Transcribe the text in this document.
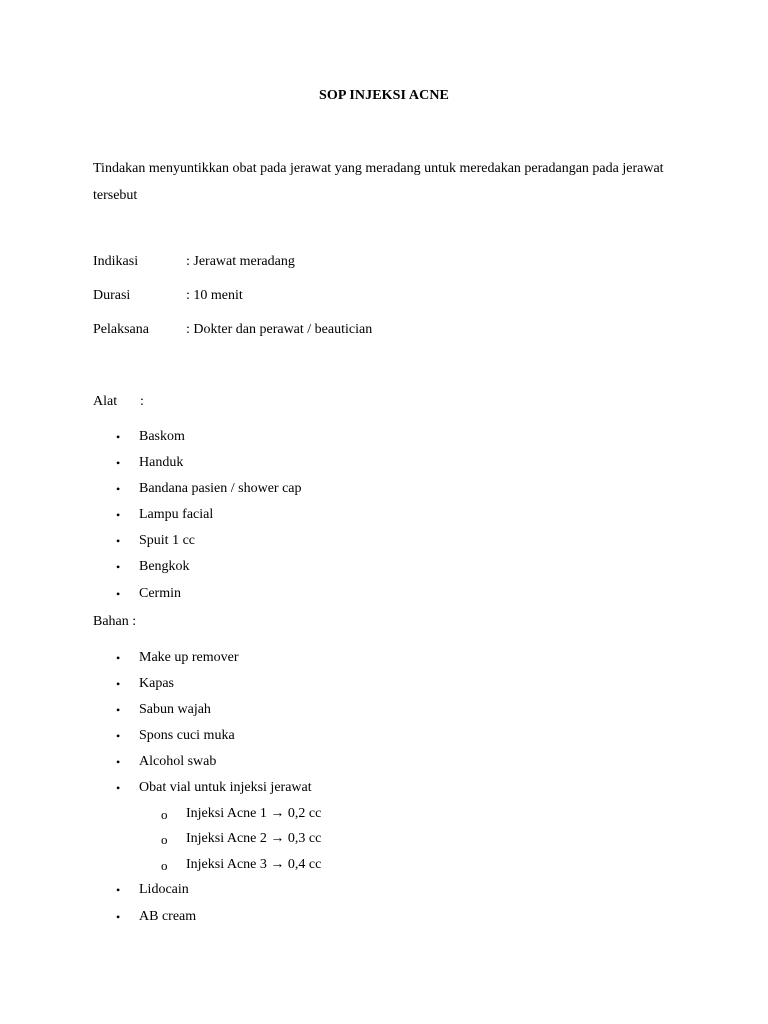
SOP INJEKSI ACNE
Tindakan menyuntikkan obat pada jerawat yang meradang untuk meredakan peradangan pada jerawat tersebut
Indikasi	: Jerawat meradang
Durasi	: 10 menit
Pelaksana	: Dokter dan perawat / beautician
Alat :
• Baskom
• Handuk
• Bandana pasien / shower cap
• Lampu facial
• Spuit 1 cc
• Bengkok
• Cermin
Bahan :
• Make up remover
• Kapas
• Sabun wajah
• Spons cuci muka
• Alcohol swab
• Obat vial untuk injeksi jerawat
o Injeksi Acne 1 → 0,2 cc
o Injeksi Acne 2 → 0,3 cc
o Injeksi Acne 3 → 0,4 cc
• Lidocain
• AB cream
